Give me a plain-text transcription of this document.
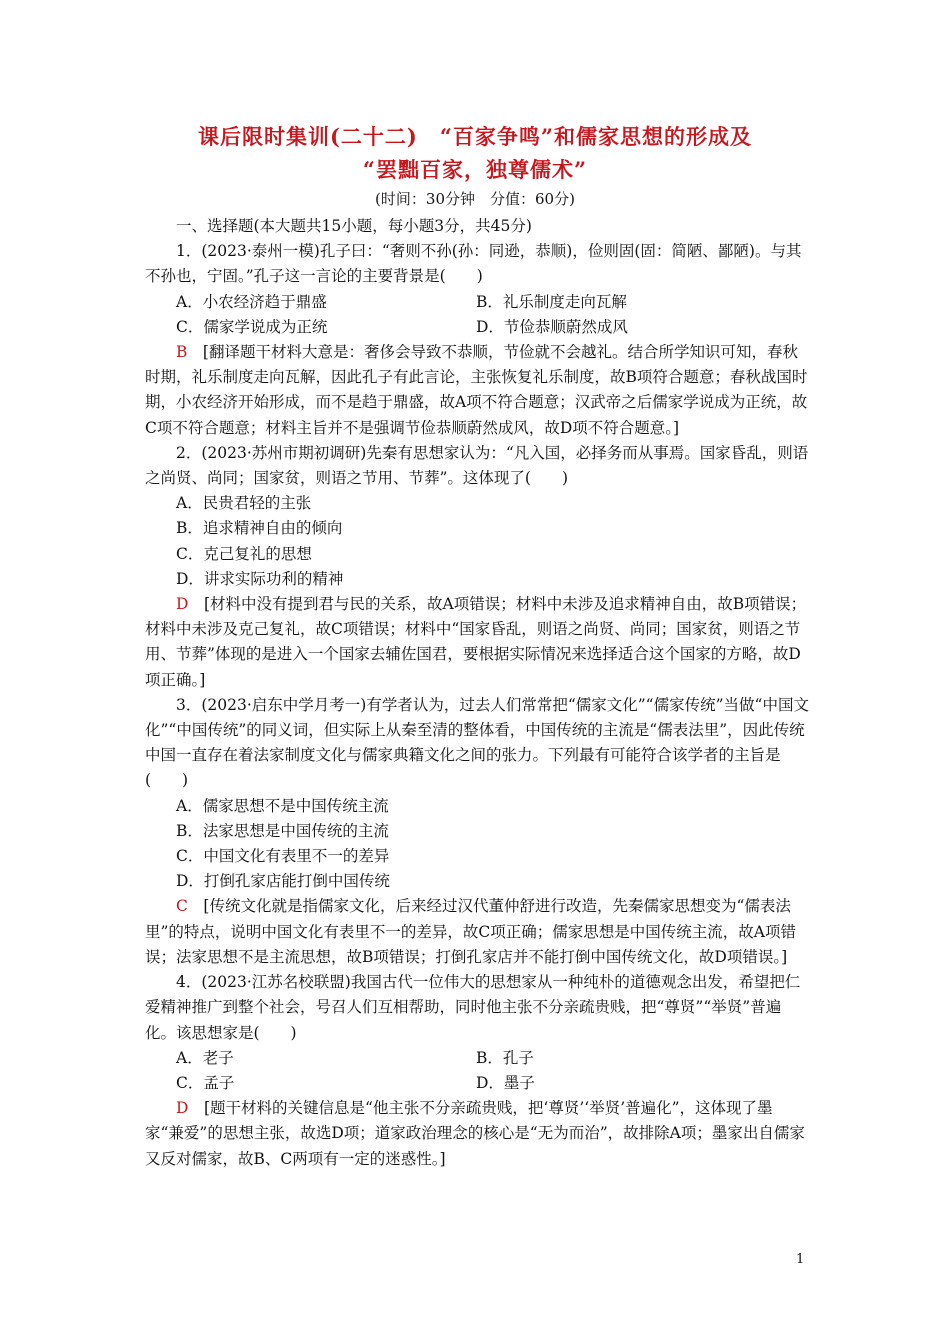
课后限时集训(二十二)　“百家争鸣”和儒家思想的形成及
“罢黜百家，独尊儒术”
(时间：30分钟　分值：60分)

一、选择题(本大题共15小题，每小题3分，共45分)

1．(2023·泰州一模)孔子曰：“奢则不孙(孙：同逊，恭顺)，俭则固(固：简陋、鄙陋)。与其不孙也，宁固。”孔子这一言论的主要背景是(　　)

A．小农经济趋于鼎盛	B．礼乐制度走向瓦解
C．儒家学说成为正统	D．节俭恭顺蔚然成风

B　 [翻译题干材料大意是：奢侈会导致不恭顺，节俭就不会越礼。结合所学知识可知，春秋时期，礼乐制度走向瓦解，因此孔子有此言论，主张恢复礼乐制度，故B项符合题意；春秋战国时期，小农经济开始形成，而不是趋于鼎盛，故A项不符合题意；汉武帝之后儒家学说成为正统，故C项不符合题意；材料主旨并不是强调节俭恭顺蔚然成风，故D项不符合题意。]

2．(2023·苏州市期初调研)先秦有思想家认为：“凡入国，必择务而从事焉。国家昏乱，则语之尚贤、尚同；国家贫，则语之节用、节葬”。这体现了(　　)

A．民贵君轻的主张

B．追求精神自由的倾向

C．克己复礼的思想

D．讲求实际功利的精神

D　 [材料中没有提到君与民的关系，故A项错误；材料中未涉及追求精神自由，故B项错误；材料中未涉及克己复礼，故C项错误；材料中“国家昏乱，则语之尚贤、尚同；国家贫，则语之节用、节葬”体现的是进入一个国家去辅佐国君，要根据实际情况来选择适合这个国家的方略，故D项正确。]

3．(2023·启东中学月考一)有学者认为，过去人们常常把“儒家文化”“儒家传统”当做“中国文化”“中国传统”的同义词，但实际上从秦至清的整体看，中国传统的主流是“儒表法里”，因此传统中国一直存在着法家制度文化与儒家典籍文化之间的张力。下列最有可能符合该学者的主旨是(　　)

A．儒家思想不是中国传统主流

B．法家思想是中国传统的主流

C．中国文化有表里不一的差异

D．打倒孔家店能打倒中国传统

C　 [传统文化就是指儒家文化，后来经过汉代董仲舒进行改造，先秦儒家思想变为“儒表法里”的特点，说明中国文化有表里不一的差异，故C项正确；儒家思想是中国传统主流，故A项错误；法家思想不是主流思想，故B项错误；打倒孔家店并不能打倒中国传统文化，故D项错误。]

4．(2023·江苏名校联盟)我国古代一位伟大的思想家从一种纯朴的道德观念出发，希望把仁爱精神推广到整个社会，号召人们互相帮助，同时他主张不分亲疏贵贱，把“尊贤”“举贤”普遍化。该思想家是(　　)

A．老子	B．孔子
C．孟子	D．墨子

D　 [题干材料的关键信息是“他主张不分亲疏贵贱，把‘尊贤’‘举贤’普遍化”，这体现了墨家“兼爱”的思想主张，故选D项；道家政治理念的核心是“无为而治”，故排除A项；墨家出自儒家又反对儒家，故B、C两项有一定的迷惑性。]

1
